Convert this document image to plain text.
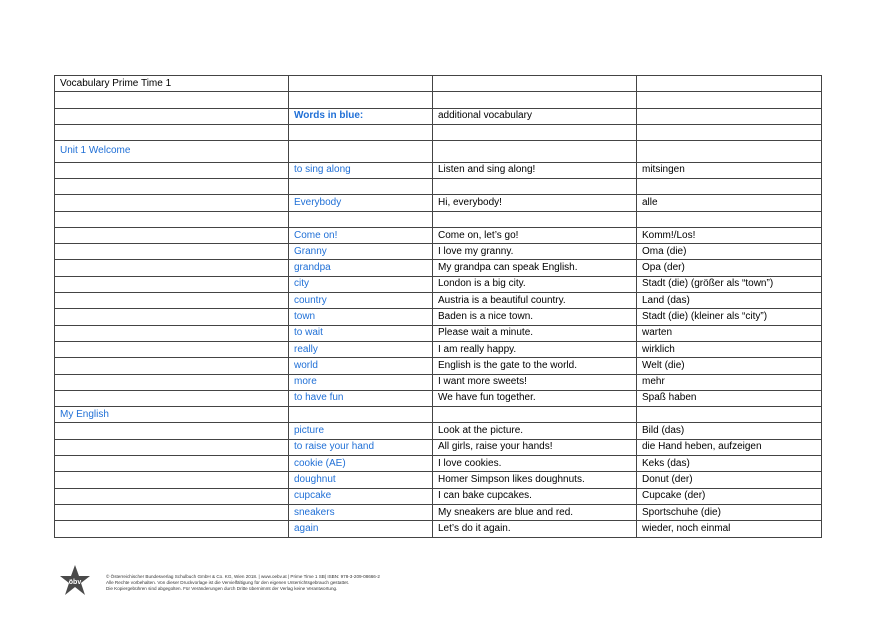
Vocabulary Prime Time 1			

	Words in blue:	additional vocabulary	

Unit 1 Welcome			
	to sing along	Listen and sing along!	mitsingen

	Everybody	Hi, everybody!	alle

	Come on!	Come on, let’s go!	Komm!/Los!
	Granny	I love my granny.	Oma (die)
	grandpa	My grandpa can speak English.	Opa (der)
	city	London is a big city.	Stadt (die) (größer als “town”)
	country	Austria is a beautiful country.	Land (das)
	town	Baden is a nice town.	Stadt (die) (kleiner als “city”)
	to wait	Please wait a minute.	warten
	really	I am really happy.	wirklich
	world	English is the gate to the world.	Welt (die)
	more	I want more sweets!	mehr
	to have fun	We have fun together.	Spaß haben
My English			
	picture	Look at the picture.	Bild (das)
	to raise your hand	All girls, raise your hands!	die Hand heben, aufzeigen
	cookie (AE)	I love cookies.	Keks (das)
	doughnut	Homer Simpson likes doughnuts.	Donut (der)
	cupcake	I can bake cupcakes.	Cupcake (der)
	sneakers	My sneakers are blue and red.	Sportschuhe (die)
	again	Let’s do it again.	wieder, noch einmal
öbv
© Österreichischer Bundesverlag Schulbuch GmbH & Co. KG, Wien 2018. | www.oebv.at | Prime Time 1 SB| ISBN: 978-3-209-08666-2
Alle Rechte vorbehalten. Von dieser Druckvorlage ist die Vervielfältigung für den eigenen Unterrichtsgebrauch gestattet.
Die Kopiergebühren sind abgegolten. Für Veränderungen durch Dritte übernimmt der Verlag keine Verantwortung.
